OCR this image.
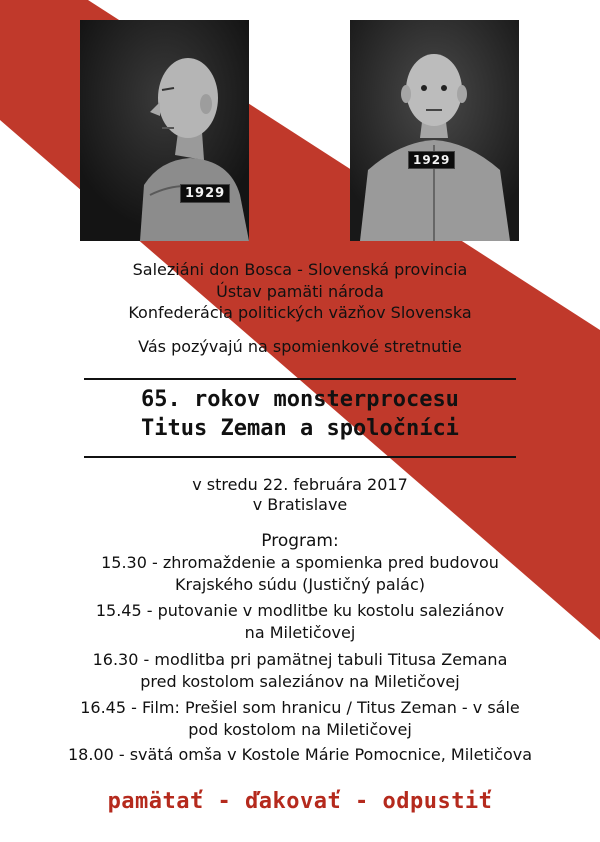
1929
1929
Saleziáni don Bosca - Slovenská provincia
Ústav pamäti národa
Konfederácia politických väzňov Slovenska
Vás pozývajú na spomienkové stretnutie
65. rokov monsterprocesu
Titus Zeman a spoločníci
v stredu 22. februára 2017
v Bratislave
Program:
15.30 - zhromaždenie a spomienka pred budovou
Krajského súdu (Justičný palác)
15.45 - putovanie v modlitbe ku kostolu saleziánov
na Miletičovej
16.30 - modlitba pri pamätnej tabuli Titusa Zemana
pred kostolom saleziánov na Miletičovej
16.45 - Film: Prešiel som hranicu / Titus Zeman - v sále
pod kostolom na Miletičovej
18.00 - svätá omša v Kostole Márie Pomocnice, Miletičova
pamätať - ďakovať - odpustiť
